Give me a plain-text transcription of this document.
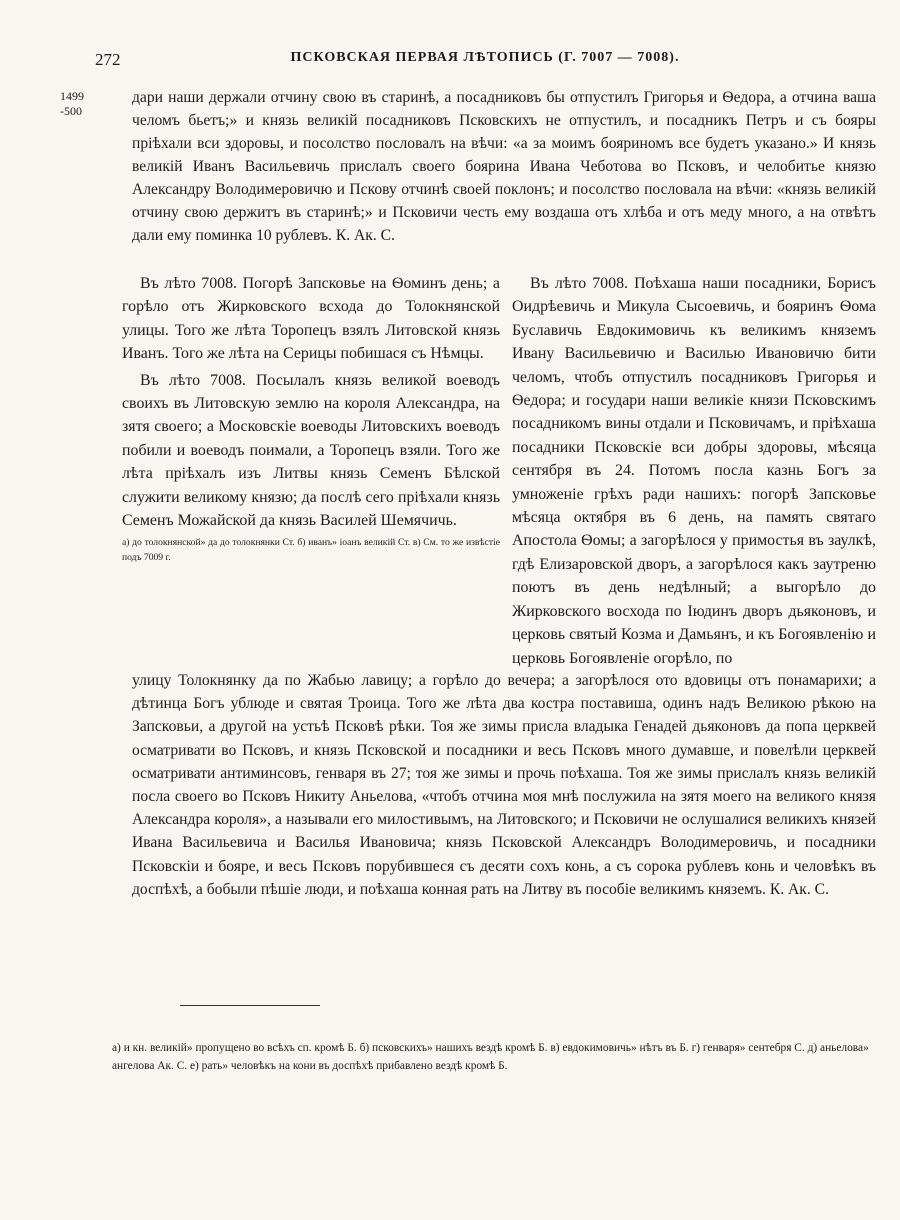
272	ПСКОВСКАЯ ПЕРВАЯ ЛѢТОПИСЬ (Г. 7007 — 7008).
1499
-500
дари наши держали отчину свою въ старинѣ, а посадниковъ бы отпустилъ Григорья и Ѳедора, а отчина ваша челомъ бьетъ;» и князь великій посадниковъ Псковскихъ не отпустилъ, и посадникъ Петръ и съ бояры пріѣхали вси здоровы, и посолство пословалъ на вѣчи: «а за моимъ бояриномъ все будетъ указано.» И князь великій Иванъ Васильевичь прислалъ своего боярина Ивана Чеботова во Псковъ, и челобитье князю Александру Володимеровичю и Пскову отчинѣ своей поклонъ; и посолство пословала на вѣчи: «князь великій отчину свою держитъ въ старинѣ;» и Псковичи честь ему воздаша отъ хлѣба и отъ меду много, а на отвѣтъ дали ему поминка 10 рублевъ. К. Ак. С.

Въ лѣто 7008. Погорѣ Запсковье на Ѳоминъ день; а горѣло отъ Жирковского всхода до Толокнянской улицы. Того же лѣта Торопецъ взялъ Литовской князь Иванъ. Того же лѣта на Серицы побишася съ Нѣмцы.

Въ лѣто 7008. Посылалъ князь великой воеводъ своихъ въ Литовскую землю на короля Александра, на зятя своего; а Московскіе воеводы Литовскихъ воеводъ побили и воеводъ поимали, а Торопецъ взяли. Того же лѣта пріѣхалъ изъ Литвы князь Семенъ Бѣлской служити великому князю; да послѣ сего пріѣхали князь Семенъ Можайской да князь Василей Шемячичь.

а) до толокнянской» да до толокнянки Ст. б) иванъ» іоанъ великій Ст. в) См. то же извѣстіе подъ 7009 г.

Въ лѣто 7008. Поѣхаша наши посадники, Борисъ Оидрѣевичь и Микула Сысоевичь, и бояринъ Ѳома Буславичь Евдокимовичь къ великимъ княземъ Ивану Васильевичю и Василью Ивановичю бити челомъ, чтобъ отпустилъ посадниковъ Григорья и Ѳедора; и государи наши великіе князи Псковскимъ посадникомъ вины отдали и Псковичамъ, и пріѣхаша посадники Псковскіе вси добры здоровы, мѣсяца сентября въ 24. Потомъ посла казнь Богъ за умноженіе грѣхъ ради нашихъ: погорѣ Запсковье мѣсяца октября въ 6 день, на память святаго Апостола Ѳомы; а загорѣлося у примостья въ заулкѣ, гдѣ Елизаровской дворъ, а загорѣлося какъ заутреню поютъ въ день недѣлный; а выгорѣло до Жирковского восхода по Іюдинъ дворъ дьяконовъ, и церковь святый Козма и Дамьянъ, и къ Богоявленію и церковь Богоявленіе огорѣло, по

улицу Толокнянку да по Жабью лавицу; а горѣло до вечера; а загорѣлося ото вдовицы отъ понамарихи; а дѣтинца Богъ ублюде и святая Троица. Того же лѣта два костра поставиша, одинъ надъ Великою рѣкою на Запсковьи, а другой на устьѣ Псковѣ рѣки. Тоя же зимы присла владыка Генадей дьяконовъ да попа церквей осматривати во Псковъ, и князь Псковской и посадники и весь Псковъ много думавше, и повелѣли церквей осматривати антиминсовъ, генваря въ 27; тоя же зимы и прочь поѣхаша. Тоя же зимы прислалъ князь великій посла своего во Псковъ Никиту Аньелова, «чтобъ отчина моя мнѣ послужила на зятя моего на великого князя Александра короля», а называли его милостивымъ, на Литовского; и Псковичи не ослушалися великихъ князей Ивана Васильевича и Василья Ивановича; князь Псковской Александръ Володимеровичь, и посадники Псковскіи и бояре, и весь Псковъ порубившеся съ десяти сохъ конь, а съ сорока рублевъ конь и человѣкъ въ доспѣхѣ, а бобыли пѣшіе люди, и поѣхаша конная рать на Литву въ пособіе великимъ княземъ. К. Ак. С.

а) и кн. великій» пропущено во всѣхъ сп. кромѣ Б. б) псковскихъ» нашихъ вездѣ кромѣ Б. в) евдокимовичь» нѣтъ въ Б. г) генваря» сентебря С. д) аньелова» ангелова Ак. С. е) рать» человѣкъ на кони въ доспѣхѣ прибавлено вездѣ кромѣ Б.
